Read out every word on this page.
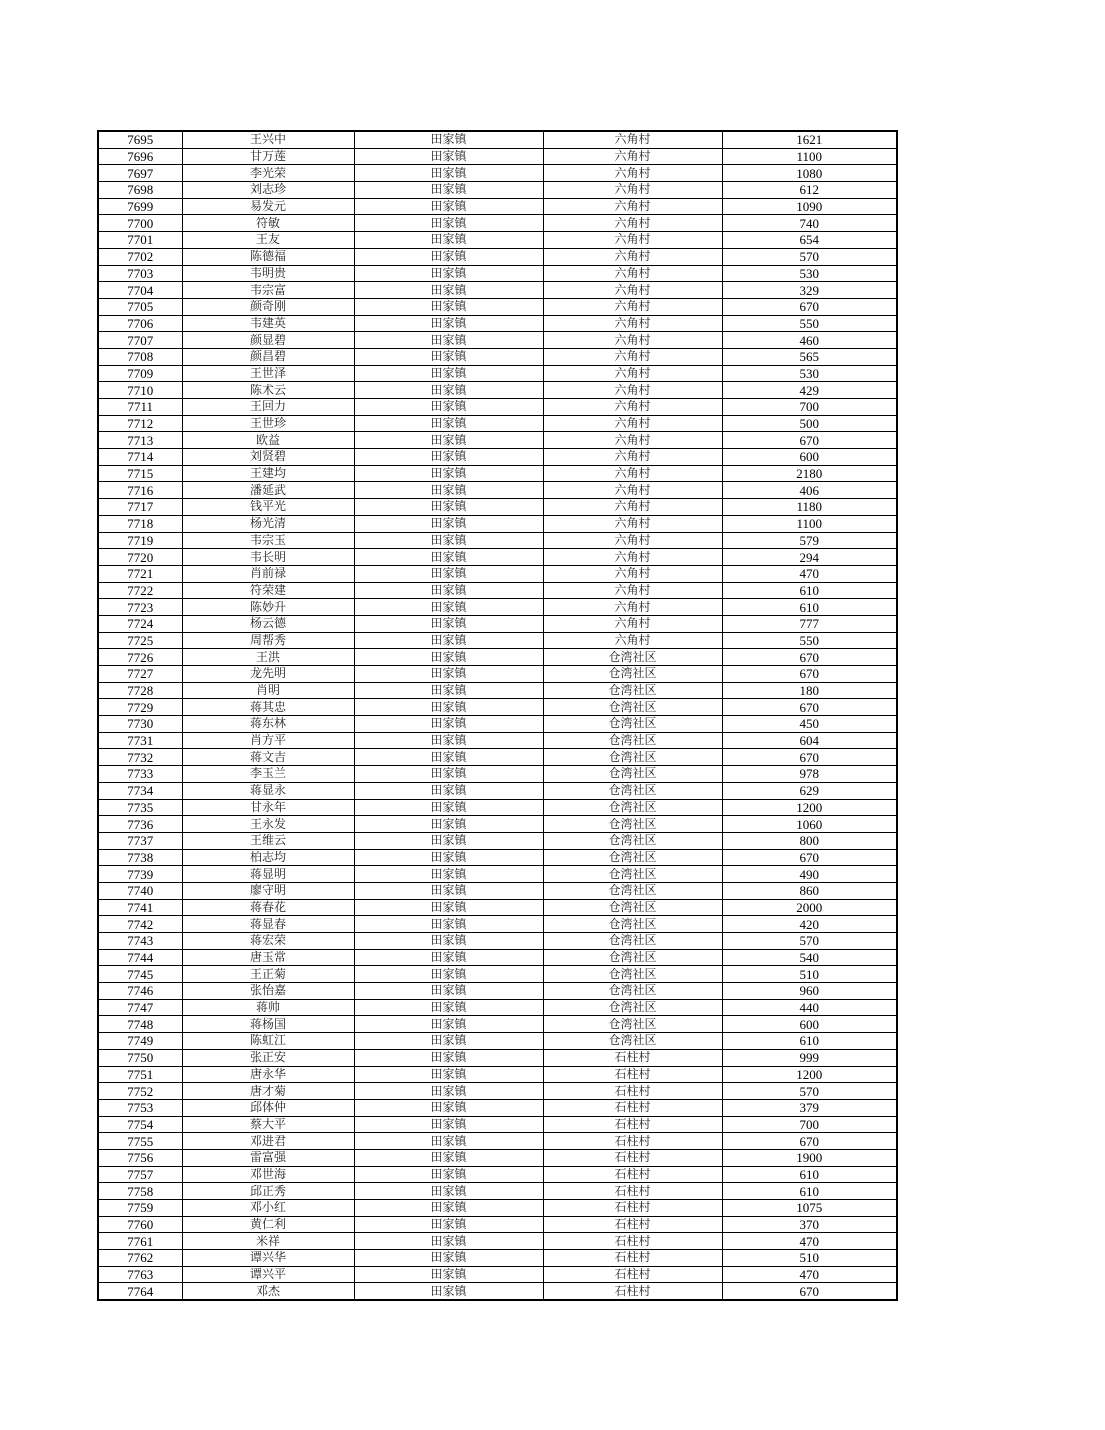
7695	王兴中	田家镇	六角村	1621
7696	甘万莲	田家镇	六角村	1100
7697	李光荣	田家镇	六角村	1080
7698	刘志珍	田家镇	六角村	612
7699	易发元	田家镇	六角村	1090
7700	符敏	田家镇	六角村	740
7701	王友	田家镇	六角村	654
7702	陈德福	田家镇	六角村	570
7703	韦明贵	田家镇	六角村	530
7704	韦宗富	田家镇	六角村	329
7705	颜奇刚	田家镇	六角村	670
7706	韦建英	田家镇	六角村	550
7707	颜显碧	田家镇	六角村	460
7708	颜昌碧	田家镇	六角村	565
7709	王世泽	田家镇	六角村	530
7710	陈术云	田家镇	六角村	429
7711	王回力	田家镇	六角村	700
7712	王世珍	田家镇	六角村	500
7713	欧益	田家镇	六角村	670
7714	刘贤碧	田家镇	六角村	600
7715	王建均	田家镇	六角村	2180
7716	潘延武	田家镇	六角村	406
7717	钱平光	田家镇	六角村	1180
7718	杨光清	田家镇	六角村	1100
7719	韦宗玉	田家镇	六角村	579
7720	韦长明	田家镇	六角村	294
7721	肖前禄	田家镇	六角村	470
7722	符荣建	田家镇	六角村	610
7723	陈妙升	田家镇	六角村	610
7724	杨云德	田家镇	六角村	777
7725	周帮秀	田家镇	六角村	550
7726	王洪	田家镇	仓湾社区	670
7727	龙先明	田家镇	仓湾社区	670
7728	肖明	田家镇	仓湾社区	180
7729	蒋其忠	田家镇	仓湾社区	670
7730	蒋东林	田家镇	仓湾社区	450
7731	肖方平	田家镇	仓湾社区	604
7732	蒋文吉	田家镇	仓湾社区	670
7733	李玉兰	田家镇	仓湾社区	978
7734	蒋显永	田家镇	仓湾社区	629
7735	甘永年	田家镇	仓湾社区	1200
7736	王永发	田家镇	仓湾社区	1060
7737	王维云	田家镇	仓湾社区	800
7738	柏志均	田家镇	仓湾社区	670
7739	蒋显明	田家镇	仓湾社区	490
7740	廖守明	田家镇	仓湾社区	860
7741	蒋春花	田家镇	仓湾社区	2000
7742	蒋显春	田家镇	仓湾社区	420
7743	蒋宏荣	田家镇	仓湾社区	570
7744	唐玉常	田家镇	仓湾社区	540
7745	王正菊	田家镇	仓湾社区	510
7746	张怡嘉	田家镇	仓湾社区	960
7747	蒋帅	田家镇	仓湾社区	440
7748	蒋杨国	田家镇	仓湾社区	600
7749	陈虹江	田家镇	仓湾社区	610
7750	张正安	田家镇	石柱村	999
7751	唐永华	田家镇	石柱村	1200
7752	唐才菊	田家镇	石柱村	570
7753	邱体仲	田家镇	石柱村	379
7754	蔡大平	田家镇	石柱村	700
7755	邓进君	田家镇	石柱村	670
7756	雷富强	田家镇	石柱村	1900
7757	邓世海	田家镇	石柱村	610
7758	邱正秀	田家镇	石柱村	610
7759	邓小红	田家镇	石柱村	1075
7760	黄仁利	田家镇	石柱村	370
7761	米祥	田家镇	石柱村	470
7762	谭兴华	田家镇	石柱村	510
7763	谭兴平	田家镇	石柱村	470
7764	邓杰	田家镇	石柱村	670
